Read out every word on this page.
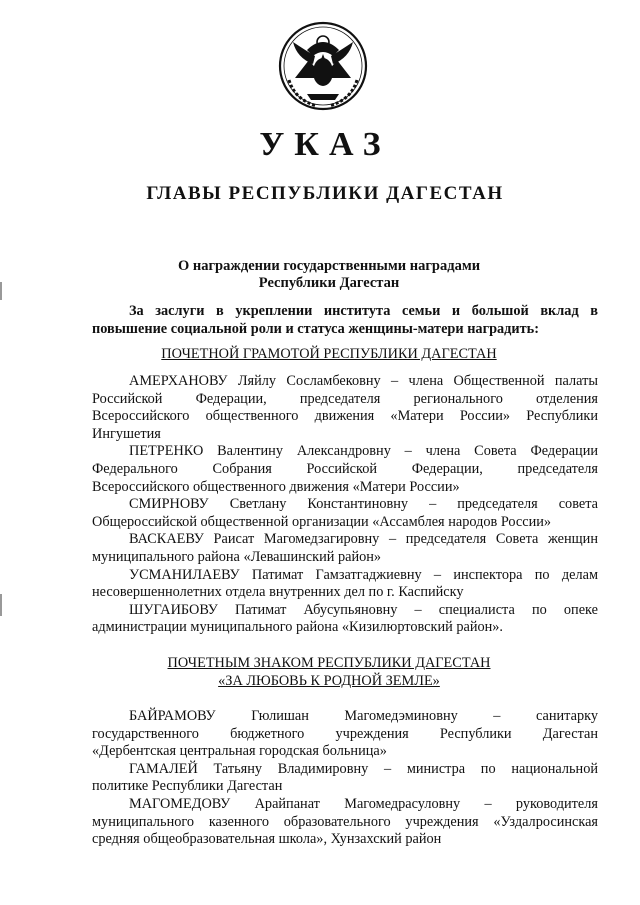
УКАЗ
ГЛАВЫ РЕСПУБЛИКИ ДАГЕСТАН
О награждении государственными наградами
Республики Дагестан
За заслуги в укреплении института семьи и большой вклад в
повышение социальной роли и статуса женщины-матери наградить:
ПОЧЕТНОЙ ГРАМОТОЙ РЕСПУБЛИКИ ДАГЕСТАН
АМЕРХАНОВУ Ляйлу Сосламбековну – члена Общественной палаты
Российской Федерации, председателя регионального отделения
Всероссийского общественного движения «Матери России» Республики
Ингушетия
ПЕТРЕНКО Валентину Александровну – члена Совета Федерации
Федерального Собрания Российской Федерации, председателя
Всероссийского общественного движения «Матери России»
СМИРНОВУ Светлану Константиновну – председателя совета
Общероссийской общественной организации «Ассамблея народов России»
ВАСКАЕВУ Раисат Магомедзагировну – председателя Совета женщин
муниципального района «Левашинский район»
УСМАНИЛАЕВУ Патимат Гамзатгаджиевну – инспектора по делам
несовершеннолетних отдела внутренних дел по г. Каспийску
ШУГАИБОВУ Патимат Абусупьяновну – специалиста по опеке
администрации муниципального района «Кизилюртовский район».
ПОЧЕТНЫМ ЗНАКОМ РЕСПУБЛИКИ ДАГЕСТАН
«ЗА ЛЮБОВЬ К РОДНОЙ ЗЕМЛЕ»
БАЙРАМОВУ Гюлишан Магомедэминовну – санитарку
государственного бюджетного учреждения Республики Дагестан
«Дербентская центральная городская больница»
ГАМАЛЕЙ Татьяну Владимировну – министра по национальной
политике Республики Дагестан
МАГОМЕДОВУ Арайпанат Магомедрасуловну – руководителя
муниципального казенного образовательного учреждения «Уздалросинская
средняя общеобразовательная школа», Хунзахский район
